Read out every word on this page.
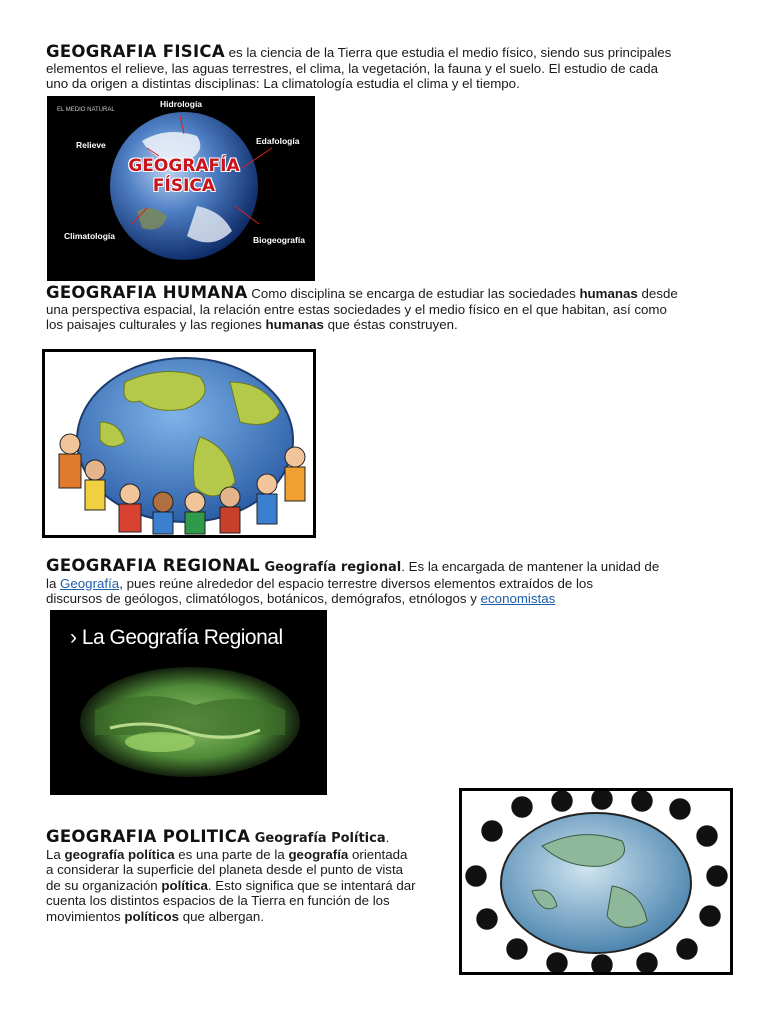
GEOGRAFIA FISICA es la ciencia de la Tierra que estudia el medio físico, siendo sus principales
elementos el relieve, las aguas terrestres, el clima, la vegetación, la fauna y el suelo. El estudio de cada
uno da origen a distintas disciplinas: La climatología estudia el clima y el tiempo.
EL MEDIO NATURAL
Hidrología
Relieve	Edafología
Climatología	Biogeografía
GEOGRAFÍA
FÍSICA
GEOGRAFIA HUMANA Como disciplina se encarga de estudiar las sociedades humanas desde
una perspectiva espacial, la relación entre estas sociedades y el medio físico en el que habitan, así como
los paisajes culturales y las regiones humanas que éstas construyen.
GEOGRAFIA REGIONAL Geografía regional. Es la encargada de mantener la unidad de
la Geografía, pues reúne alrededor del espacio terrestre diversos elementos extraídos de los
discursos de geólogos, climatólogos, botánicos, demógrafos, etnólogos y economistas
› La Geografía Regional
GEOGRAFIA POLITICA Geografía Política.
La geografía política es una parte de la geografía orientada
a considerar la superficie del planeta desde el punto de vista
de su organización política. Esto significa que se intentará dar
cuenta los distintos espacios de la Tierra en función de los
movimientos políticos que albergan.
